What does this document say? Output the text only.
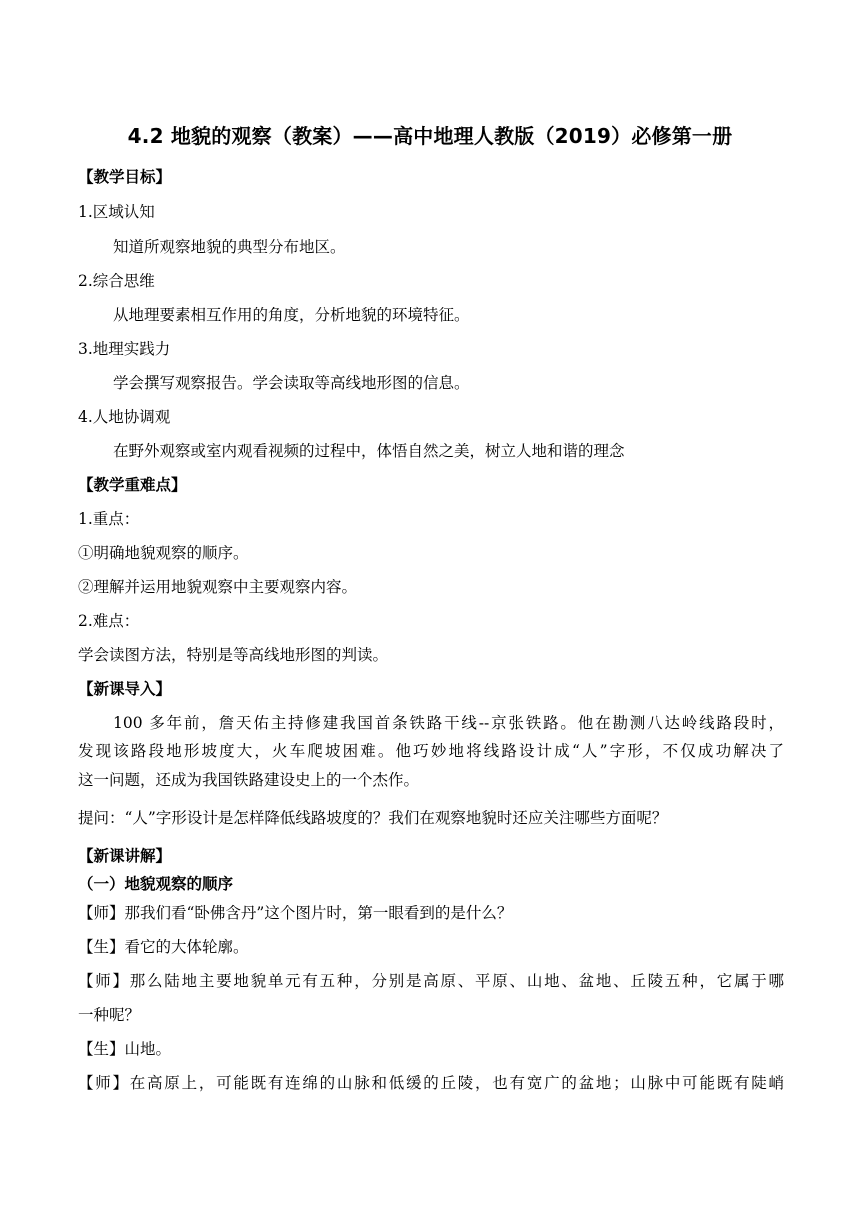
4.2 地貌的观察（教案）——高中地理人教版（2019）必修第一册
【教学目标】
1.区域认知
知道所观察地貌的典型分布地区。
2.综合思维
从地理要素相互作用的角度，分析地貌的环境特征。
3.地理实践力
学会撰写观察报告。学会读取等高线地形图的信息。
4.人地协调观
在野外观察或室内观看视频的过程中，体悟自然之美，树立人地和谐的理念
【教学重难点】
1.重点：
①明确地貌观察的顺序。
②理解并运用地貌观察中主要观察内容。
2.难点：
学会读图方法，特别是等高线地形图的判读。
【新课导入】
100 多年前，詹天佑主持修建我国首条铁路干线--京张铁路。他在勘测八达岭线路段时，
发现该路段地形坡度大，火车爬坡困难。他巧妙地将线路设计成“人”字形，不仅成功解决了
这一问题，还成为我国铁路建设史上的一个杰作。
提问：“人”字形设计是怎样降低线路坡度的？我们在观察地貌时还应关注哪些方面呢？
【新课讲解】
（一）地貌观察的顺序
【师】那我们看“卧佛含丹”这个图片时，第一眼看到的是什么？
【生】看它的大体轮廓。
【师】那么陆地主要地貌单元有五种，分别是高原、平原、山地、盆地、丘陵五种，它属于哪
一种呢？
【生】山地。
【师】在高原上，可能既有连绵的山脉和低缓的丘陵，也有宽广的盆地；山脉中可能既有陡峭
